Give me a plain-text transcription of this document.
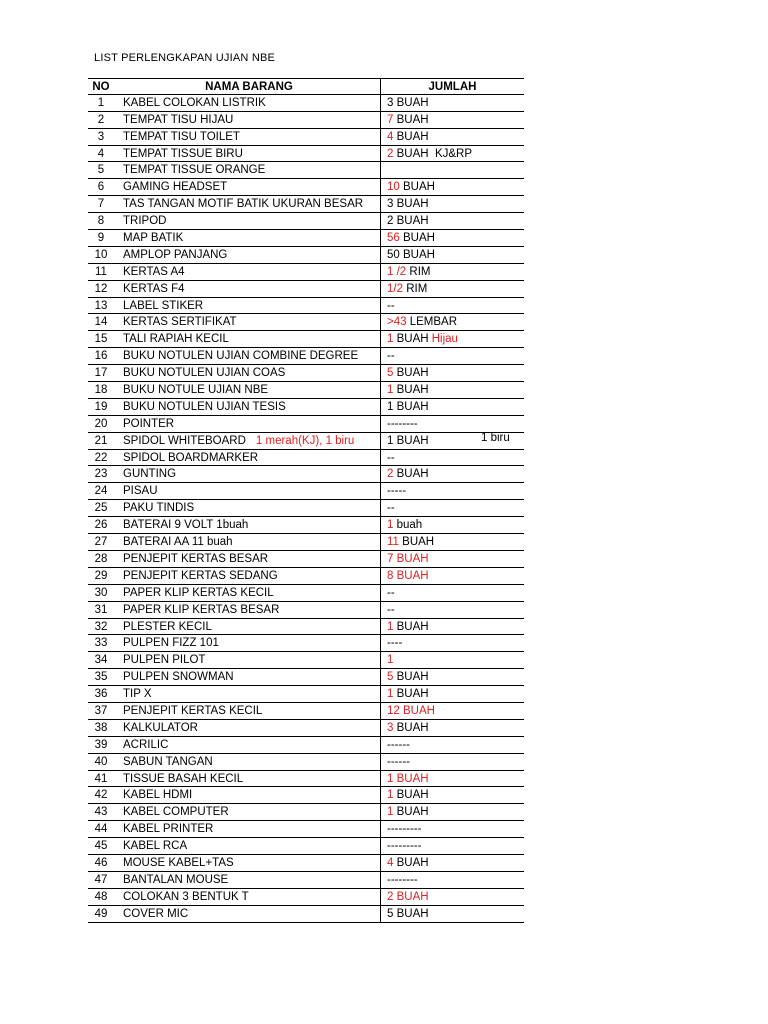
LIST PERLENGKAPAN UJIAN NBE
NO	NAMA BARANG	JUMLAH
1	KABEL COLOKAN LISTRIK	3 BUAH
2	TEMPAT TISU HIJAU	7 BUAH
3	TEMPAT TISU TOILET	4 BUAH
4	TEMPAT TISSUE BIRU	2 BUAH  KJ&RP
5	TEMPAT TISSUE ORANGE
6	GAMING HEADSET	10 BUAH
7	TAS TANGAN MOTIF BATIK UKURAN BESAR	3 BUAH
8	TRIPOD	2 BUAH
9	MAP BATIK	56 BUAH
10	AMPLOP PANJANG	50 BUAH
11	KERTAS A4	1 /2 RIM
12	KERTAS F4	1/2 RIM
13	LABEL STIKER	--
14	KERTAS SERTIFIKAT	>43 LEMBAR
15	TALI RAPIAH KECIL	1 BUAH Hijau
16	BUKU NOTULEN UJIAN COMBINE DEGREE	--
17	BUKU NOTULEN UJIAN COAS	5 BUAH
18	BUKU NOTULE UJIAN NBE	1 BUAH
19	BUKU NOTULEN UJIAN TESIS	1 BUAH
20	POINTER	--------
21	SPIDOL WHITEBOARD 1 merah(KJ), 1 biru	1 BUAH	1 biru
22	SPIDOL BOARDMARKER	--
23	GUNTING	2 BUAH
24	PISAU	-----
25	PAKU TINDIS	--
26	BATERAI 9 VOLT 1buah	1 buah
27	BATERAI AA 11 buah	11 BUAH
28	PENJEPIT KERTAS BESAR	7 BUAH
29	PENJEPIT KERTAS SEDANG	8 BUAH
30	PAPER KLIP KERTAS KECIL	--
31	PAPER KLIP KERTAS BESAR	--
32	PLESTER KECIL	1 BUAH
33	PULPEN FIZZ 101	----
34	PULPEN PILOT	1
35	PULPEN SNOWMAN	5 BUAH
36	TIP X	1 BUAH
37	PENJEPIT KERTAS KECIL	12 BUAH
38	KALKULATOR	3 BUAH
39	ACRILIC	------
40	SABUN TANGAN	------
41	TISSUE BASAH KECIL	1 BUAH
42	KABEL HDMI	1 BUAH
43	KABEL COMPUTER	1 BUAH
44	KABEL PRINTER	---------
45	KABEL RCA	---------
46	MOUSE KABEL+TAS	4 BUAH
47	BANTALAN MOUSE	--------
48	COLOKAN 3 BENTUK T	2 BUAH
49	COVER MIC	5 BUAH
